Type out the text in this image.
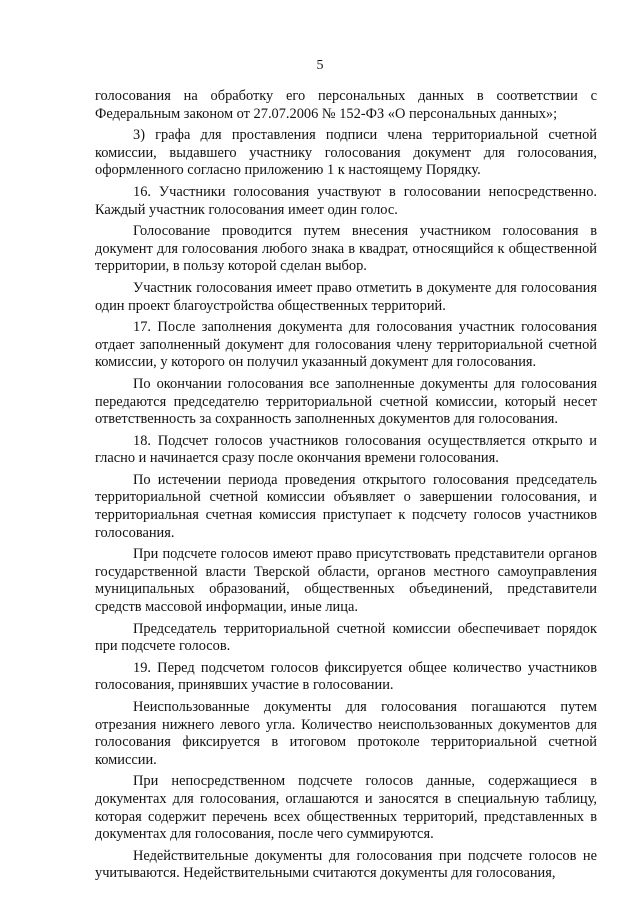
5

голосования на обработку его персональных данных в соответствии с Федеральным законом от 27.07.2006 № 152-ФЗ «О персональных данных»;

3) графа для проставления подписи члена территориальной счетной комиссии, выдавшего участнику голосования документ для голосования, оформленного согласно приложению 1 к настоящему Порядку.

16. Участники голосования участвуют в голосовании непосредственно. Каждый участник голосования имеет один голос.

Голосование проводится путем внесения участником голосования в документ для голосования любого знака в квадрат, относящийся к общественной территории, в пользу которой сделан выбор.

Участник голосования имеет право отметить в документе для голосования один проект благоустройства общественных территорий.

17. После заполнения документа для голосования участник голосования отдает заполненный документ для голосования члену территориальной счетной комиссии, у которого он получил указанный документ для голосования.

По окончании голосования все заполненные документы для голосования передаются председателю территориальной счетной комиссии, который несет ответственность за сохранность заполненных документов для голосования.

18. Подсчет голосов участников голосования осуществляется открыто и гласно и начинается сразу после окончания времени голосования.

По истечении периода проведения открытого голосования председатель территориальной счетной комиссии объявляет о завершении голосования, и территориальная счетная комиссия приступает к подсчету голосов участников голосования.

При подсчете голосов имеют право присутствовать представители органов государственной власти Тверской области, органов местного самоуправления муниципальных образований, общественных объединений, представители средств массовой информации, иные лица.

Председатель территориальной счетной комиссии обеспечивает порядок при подсчете голосов.

19. Перед подсчетом голосов фиксируется общее количество участников голосования, принявших участие в голосовании.

Неиспользованные документы для голосования погашаются путем отрезания нижнего левого угла. Количество неиспользованных документов для голосования фиксируется в итоговом протоколе территориальной счетной комиссии.

При непосредственном подсчете голосов данные, содержащиеся в документах для голосования, оглашаются и заносятся в специальную таблицу, которая содержит перечень всех общественных территорий, представленных в документах для голосования, после чего суммируются.

Недействительные документы для голосования при подсчете голосов не учитываются. Недействительными считаются документы для голосования,
